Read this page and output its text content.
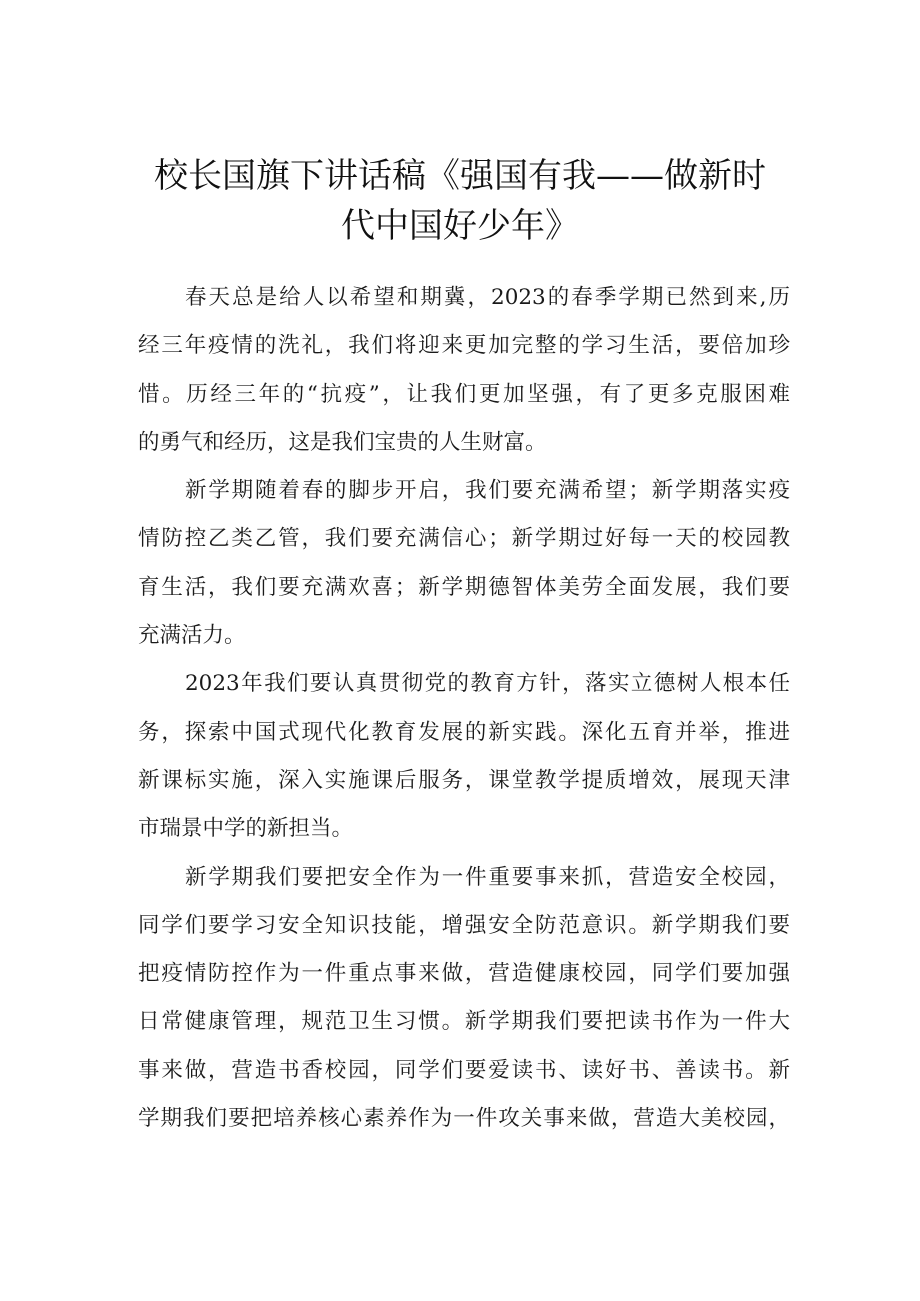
校长国旗下讲话稿《强国有我——做新时
代中国好少年》
春天总是给人以希望和期冀，2023的春季学期已然到来,历
经三年疫情的洗礼，我们将迎来更加完整的学习生活，要倍加珍
惜。历经三年的“抗疫”，让我们更加坚强，有了更多克服困难
的勇气和经历，这是我们宝贵的人生财富。
新学期随着春的脚步开启，我们要充满希望；新学期落实疫
情防控乙类乙管，我们要充满信心；新学期过好每一天的校园教
育生活，我们要充满欢喜；新学期德智体美劳全面发展，我们要
充满活力。
2023年我们要认真贯彻党的教育方针，落实立德树人根本任
务，探索中国式现代化教育发展的新实践。深化五育并举，推进
新课标实施，深入实施课后服务，课堂教学提质增效，展现天津
市瑞景中学的新担当。
新学期我们要把安全作为一件重要事来抓，营造安全校园，
同学们要学习安全知识技能，增强安全防范意识。新学期我们要
把疫情防控作为一件重点事来做，营造健康校园，同学们要加强
日常健康管理，规范卫生习惯。新学期我们要把读书作为一件大
事来做，营造书香校园，同学们要爱读书、读好书、善读书。新
学期我们要把培养核心素养作为一件攻关事来做，营造大美校园，
